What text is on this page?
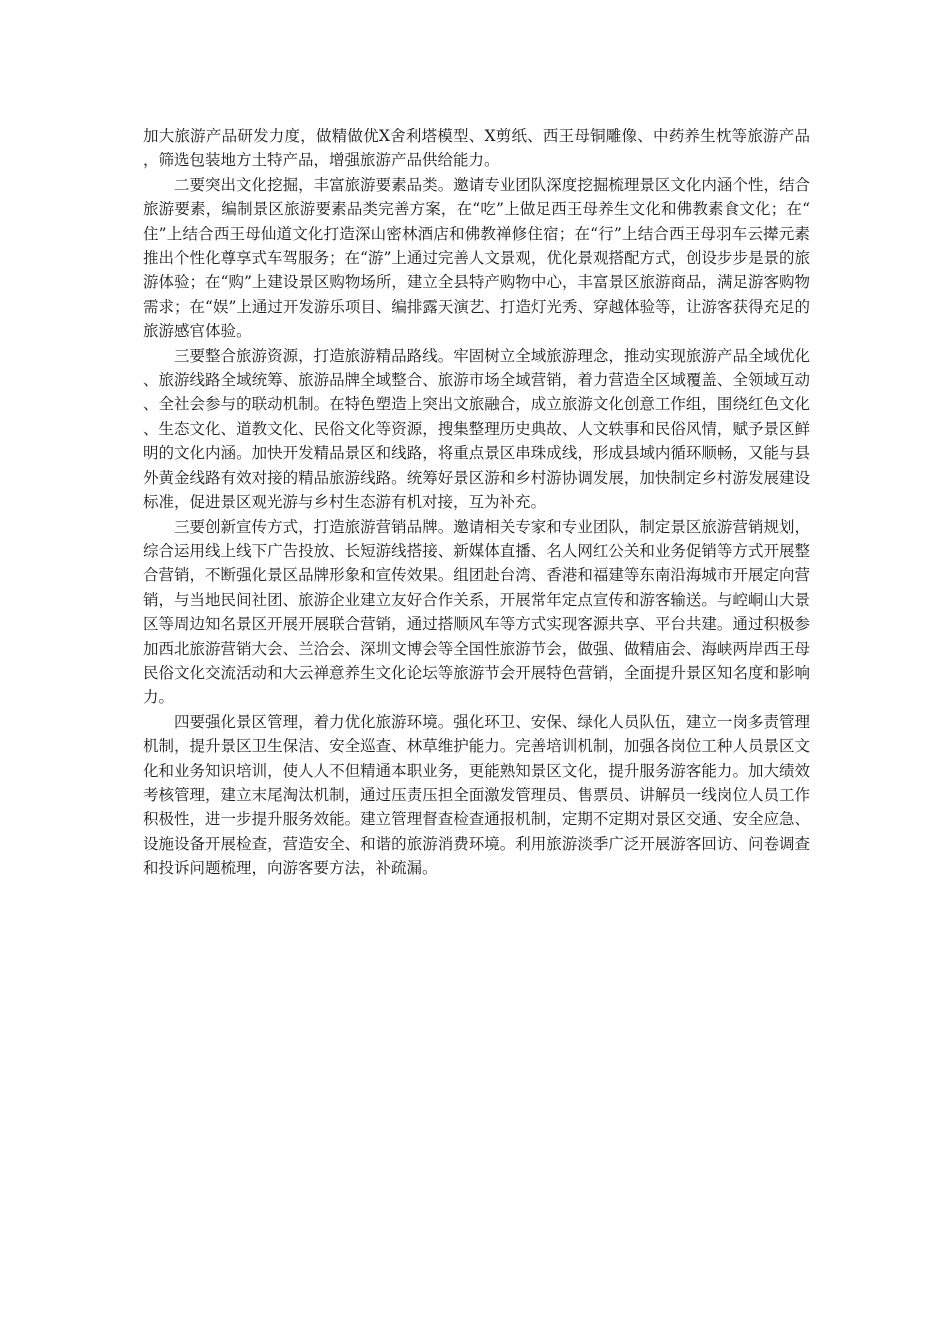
加大旅游产品研发力度，做精做优X舍利塔模型、X剪纸、西王母铜雕像、中药养生枕等旅游产品，筛选包装地方土特产品，增强旅游产品供给能力。

二要突出文化挖掘，丰富旅游要素品类。邀请专业团队深度挖掘梳理景区文化内涵个性，结合旅游要素，编制景区旅游要素品类完善方案，在“吃”上做足西王母养生文化和佛教素食文化；在“住”上结合西王母仙道文化打造深山密林酒店和佛教禅修住宿；在“行”上结合西王母羽车云撵元素推出个性化尊享式车驾服务；在“游”上通过完善人文景观，优化景观搭配方式，创设步步是景的旅游体验；在“购”上建设景区购物场所，建立全县特产购物中心，丰富景区旅游商品，满足游客购物需求；在“娱”上通过开发游乐项目、编排露天演艺、打造灯光秀、穿越体验等，让游客获得充足的旅游感官体验。

三要整合旅游资源，打造旅游精品路线。牢固树立全域旅游理念，推动实现旅游产品全域优化、旅游线路全域统筹、旅游品牌全域整合、旅游市场全域营销，着力营造全区域覆盖、全领域互动、全社会参与的联动机制。在特色塑造上突出文旅融合，成立旅游文化创意工作组，围绕红色文化、生态文化、道教文化、民俗文化等资源，搜集整理历史典故、人文轶事和民俗风情，赋予景区鲜明的文化内涵。加快开发精品景区和线路，将重点景区串珠成线，形成县域内循环顺畅，又能与县外黄金线路有效对接的精品旅游线路。统筹好景区游和乡村游协调发展，加快制定乡村游发展建设标准，促进景区观光游与乡村生态游有机对接，互为补充。

三要创新宣传方式，打造旅游营销品牌。邀请相关专家和专业团队，制定景区旅游营销规划，综合运用线上线下广告投放、长短游线搭接、新媒体直播、名人网红公关和业务促销等方式开展整合营销，不断强化景区品牌形象和宣传效果。组团赴台湾、香港和福建等东南沿海城市开展定向营销，与当地民间社团、旅游企业建立友好合作关系，开展常年定点宣传和游客输送。与崆峒山大景区等周边知名景区开展开展联合营销，通过搭顺风车等方式实现客源共享、平台共建。通过积极参加西北旅游营销大会、兰洽会、深圳文博会等全国性旅游节会，做强、做精庙会、海峡两岸西王母民俗文化交流活动和大云禅意养生文化论坛等旅游节会开展特色营销，全面提升景区知名度和影响力。

四要强化景区管理，着力优化旅游环境。强化环卫、安保、绿化人员队伍，建立一岗多责管理机制，提升景区卫生保洁、安全巡查、林草维护能力。完善培训机制，加强各岗位工种人员景区文化和业务知识培训，使人人不但精通本职业务，更能熟知景区文化，提升服务游客能力。加大绩效考核管理，建立末尾淘汰机制，通过压责压担全面激发管理员、售票员、讲解员一线岗位人员工作积极性，进一步提升服务效能。建立管理督查检查通报机制，定期不定期对景区交通、安全应急、设施设备开展检查，营造安全、和谐的旅游消费环境。利用旅游淡季广泛开展游客回访、问卷调查和投诉问题梳理，向游客要方法，补疏漏。
